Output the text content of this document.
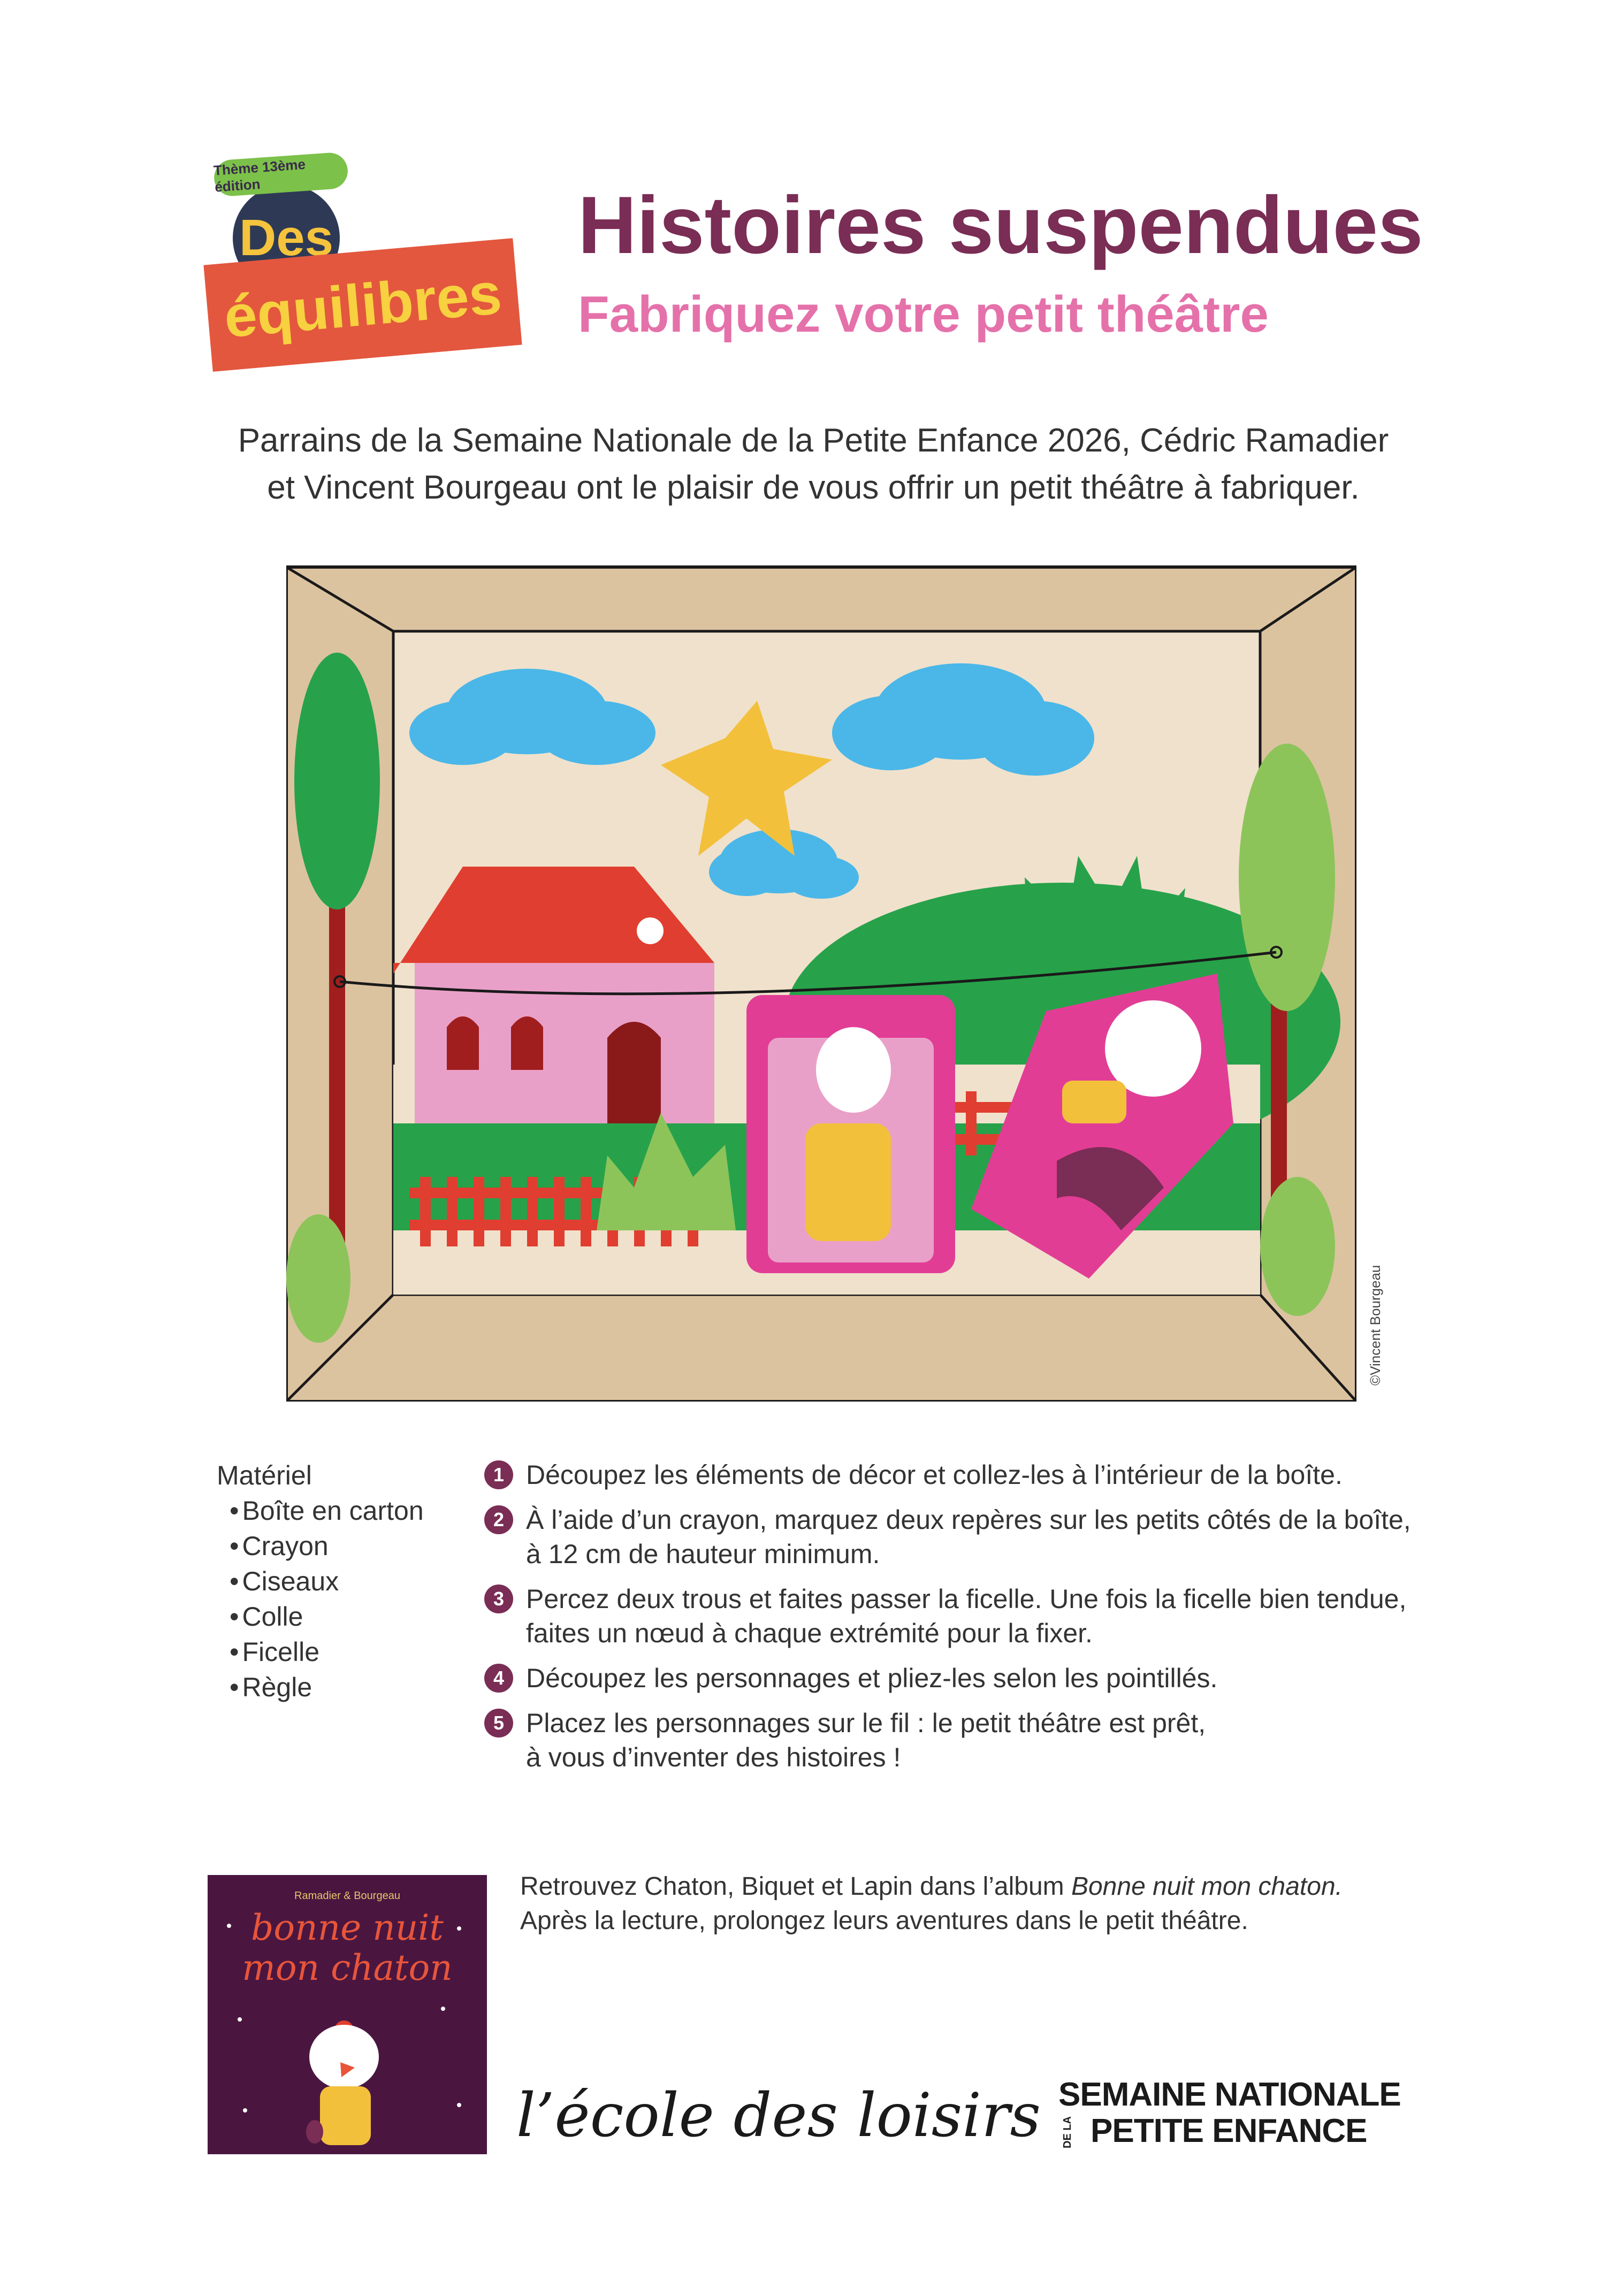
Des
Thème 13ème édition
équilibres
Histoires suspendues
Fabriquez votre petit théâtre
Parrains de la Semaine Nationale de la Petite Enfance 2026, Cédric Ramadier
et Vincent Bourgeau ont le plaisir de vous offrir un petit théâtre à fabriquer.
©Vincent Bourgeau
Matériel
• Boîte en carton
• Crayon
• Ciseaux
• Colle
• Ficelle
• Règle
1 Découpez les éléments de décor et collez-les à l’intérieur de la boîte.
2 À l’aide d’un crayon, marquez deux repères sur les petits côtés de la boîte,
à 12 cm de hauteur minimum.
3 Percez deux trous et faites passer la ficelle. Une fois la ficelle bien tendue,
faites un nœud à chaque extrémité pour la fixer.
4 Découpez les personnages et pliez-les selon les pointillés.
5 Placez les personnages sur le fil : le petit théâtre est prêt,
à vous d’inventer des histoires !
Ramadier & Bourgeau
bonne nuit
mon chaton
Retrouvez Chaton, Biquet et Lapin dans l’album Bonne nuit mon chaton.
Après la lecture, prolongez leurs aventures dans le petit théâtre.
l’école des loisirs SEMAINE NATIONALE
DE LA PETITE ENFANCE
